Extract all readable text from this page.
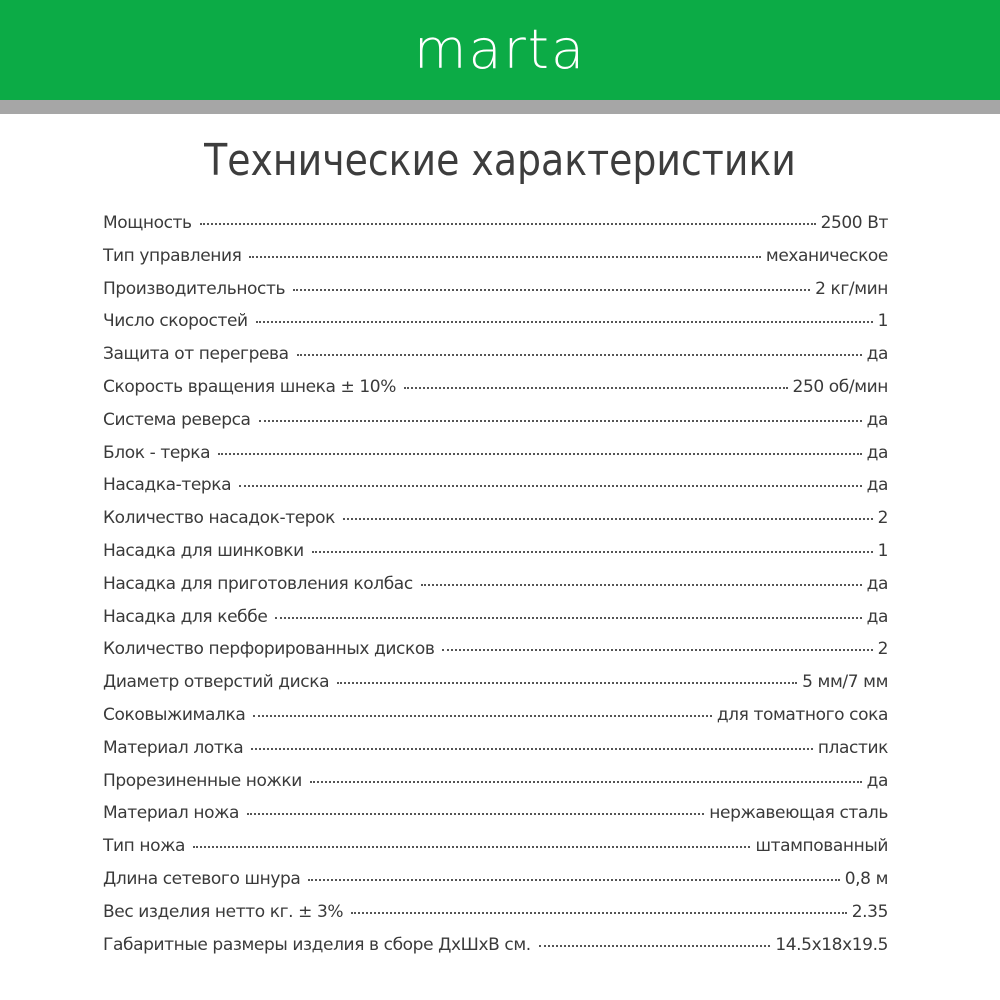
marta
Технические характеристики
Мощность	2500 Вт
Тип управления	механическое
Производительность	2 кг/мин
Число скоростей	1
Защита от перегрева	да
Скорость вращения шнека ± 10%	250 об/мин
Система реверса	да
Блок - терка	да
Насадка-терка	да
Количество насадок-терок	2
Насадка для шинковки	1
Насадка для приготовления колбас	да
Насадка для кеббе	да
Количество перфорированных дисков	2
Диаметр отверстий диска	5 мм/7 мм
Соковыжималка	для томатного сока
Материал лотка	пластик
Прорезиненные ножки	да
Материал ножа	нержавеющая сталь
Тип ножа	штампованный
Длина сетевого шнура	0,8 м
Вес изделия нетто кг. ± 3%	2.35
Габаритные размеры изделия в сборе ДхШхВ см.	14.5х18х19.5
